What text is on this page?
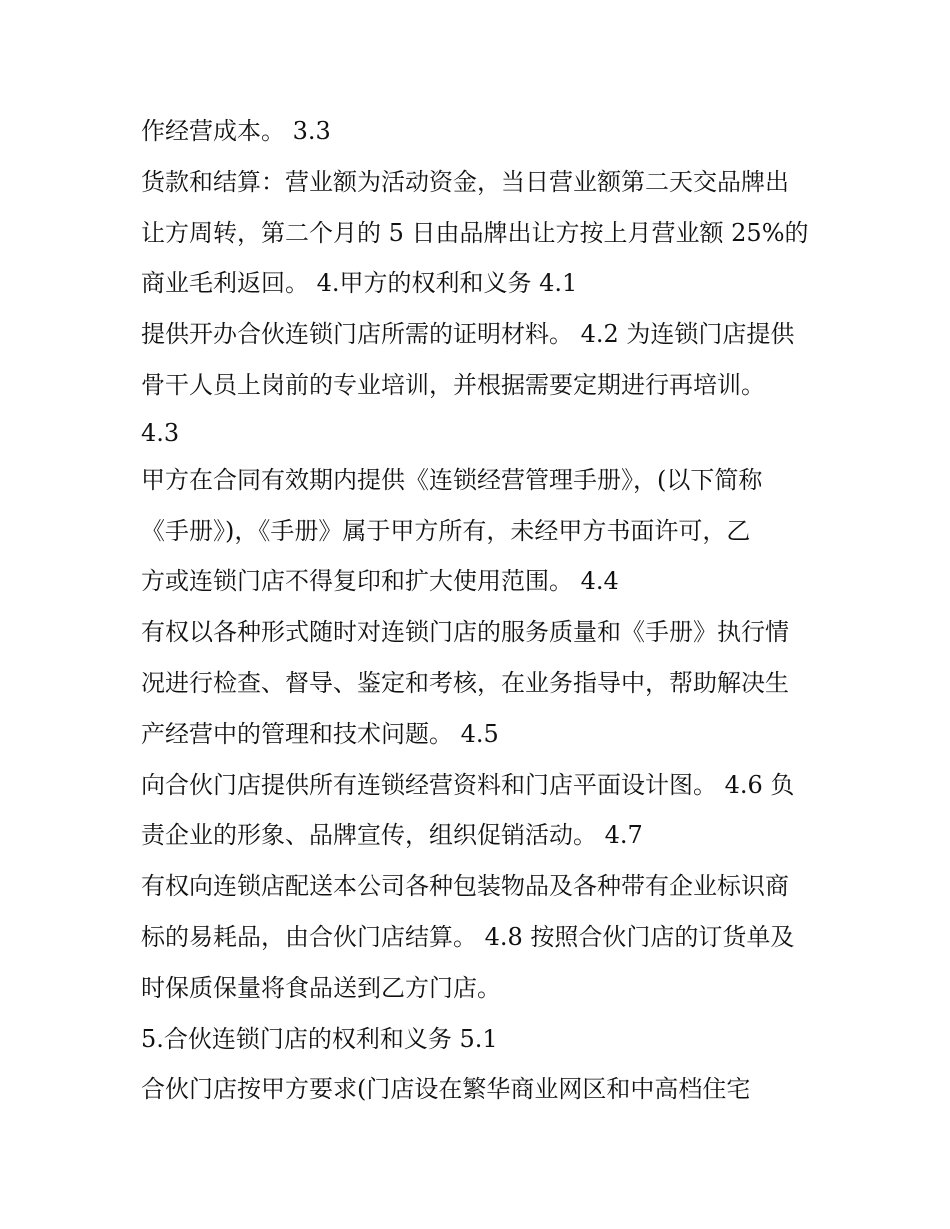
作经营成本。 3.3
货款和结算：营业额为活动资金，当日营业额第二天交品牌出
让方周转，第二个月的 5 日由品牌出让方按上月营业额 25%的
商业毛利返回。 4.甲方的权利和义务 4.1
提供开办合伙连锁门店所需的证明材料。 4.2 为连锁门店提供
骨干人员上岗前的专业培训，并根据需要定期进行再培训。
4.3
甲方在合同有效期内提供《连锁经营管理手册》，(以下简称
《手册》)，《手册》属于甲方所有，未经甲方书面许可，乙
方或连锁门店不得复印和扩大使用范围。 4.4
有权以各种形式随时对连锁门店的服务质量和《手册》执行情
况进行检查、督导、鉴定和考核，在业务指导中，帮助解决生
产经营中的管理和技术问题。 4.5
向合伙门店提供所有连锁经营资料和门店平面设计图。 4.6 负
责企业的形象、品牌宣传，组织促销活动。 4.7
有权向连锁店配送本公司各种包装物品及各种带有企业标识商
标的易耗品，由合伙门店结算。 4.8 按照合伙门店的订货单及
时保质保量将食品送到乙方门店。
5.合伙连锁门店的权利和义务 5.1
合伙门店按甲方要求(门店设在繁华商业网区和中高档住宅
